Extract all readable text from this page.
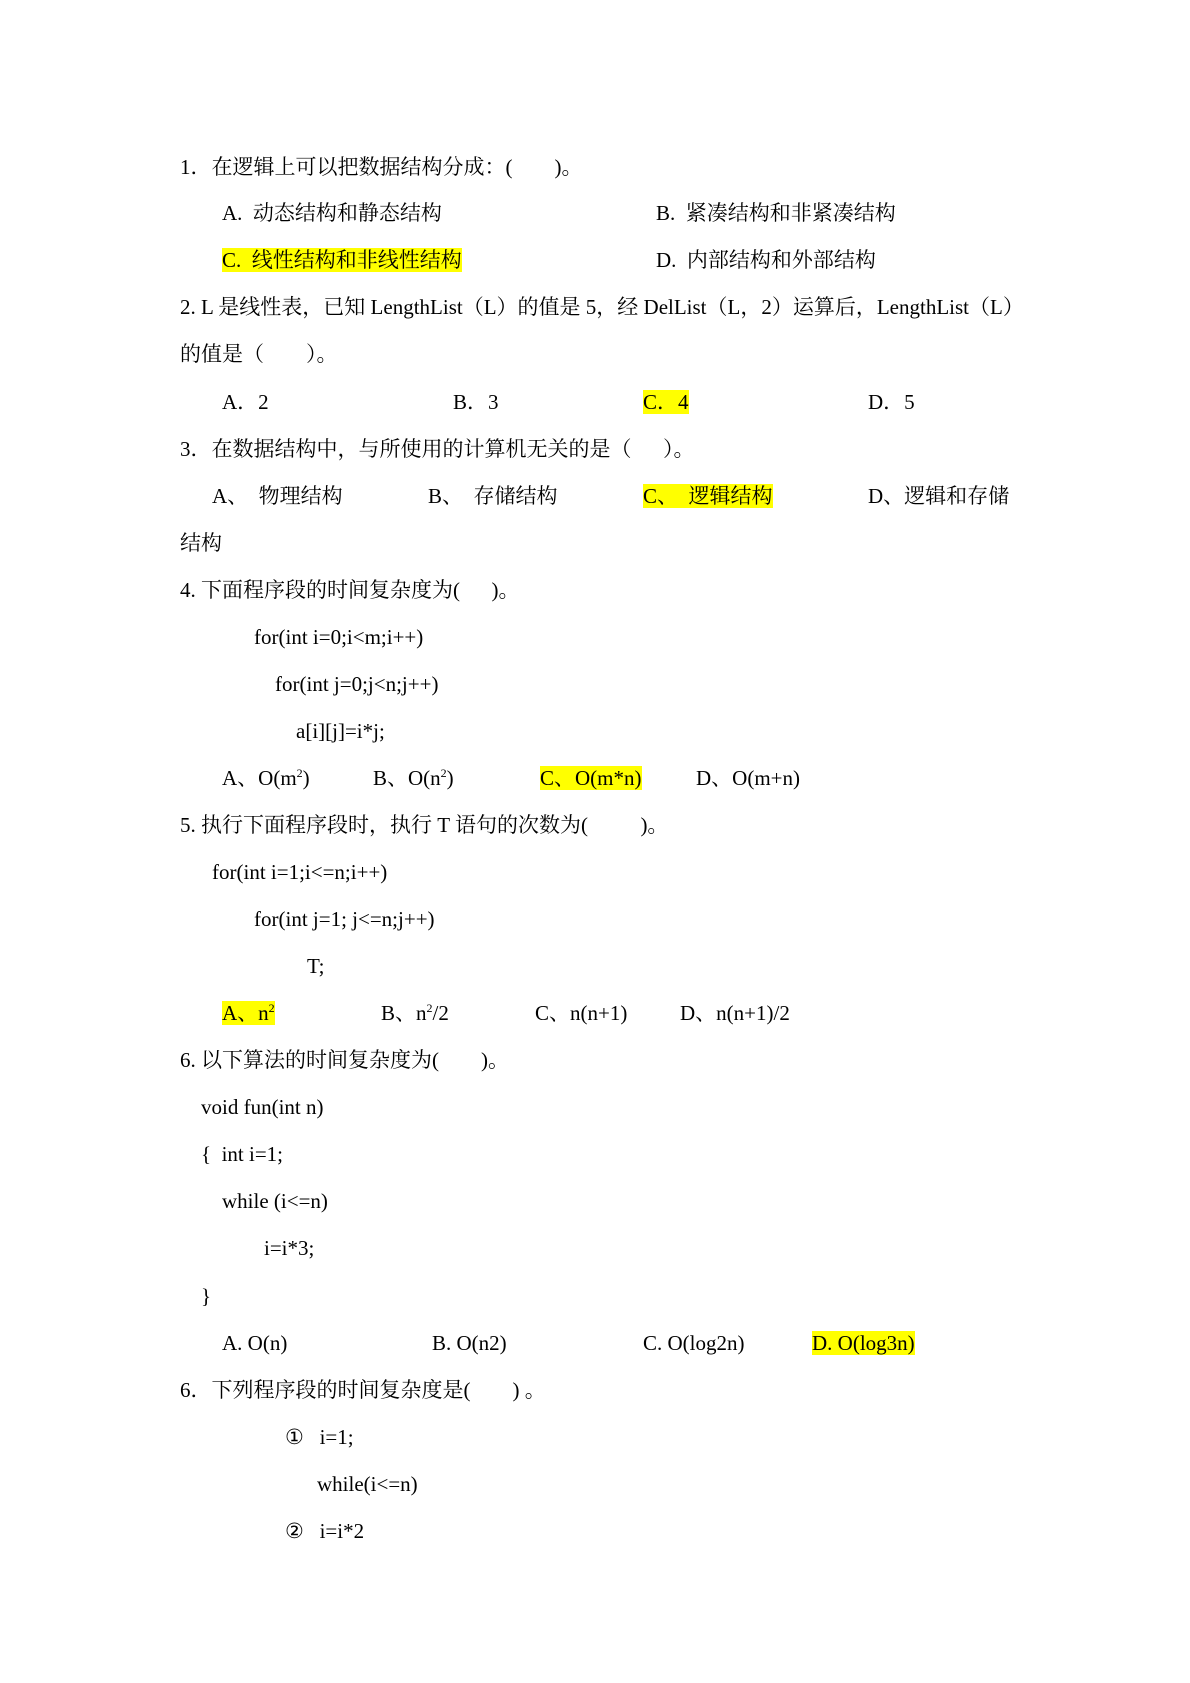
1．在逻辑上可以把数据结构分成：(        )。
A.  动态结构和静态结构	B.  紧凑结构和非紧凑结构
C.  线性结构和非线性结构	D.  内部结构和外部结构
2. L 是线性表，已知 LengthList（L）的值是 5，经 DelList（L，2）运算后，LengthList（L）
的值是（        ）。
A．2	B．3	C．4	D．5
3．在数据结构中，与所使用的计算机无关的是（      ）。
A、  物理结构	B、  存储结构	C、  逻辑结构	D、逻辑和存储
结构
4. 下面程序段的时间复杂度为(      )。
for(int i=0;i<m;i++)
for(int j=0;j<n;j++)
a[i][j]=i*j;
A、$O(m^2)$	B、$O(n^2)$	C、O(m*n)	D、O(m+n)
5. 执行下面程序段时，执行 T 语句的次数为(          )。
for(int i=1;i<=n;i++)
for(int j=1; j<=n;j++)
T;
A、$n^2$	B、$n^2/2$	C、n(n+1)	D、n(n+1)/2
6. 以下算法的时间复杂度为(        )。
void fun(int n)
{  int i=1;
while (i<=n)
i=i*3;
}
A. O(n)	B. O(n2)	C. O(log2n)	D. O(log3n)
6．下列程序段的时间复杂度是(        ) 。
①   i=1;
while(i<=n)
②   i=i*2
